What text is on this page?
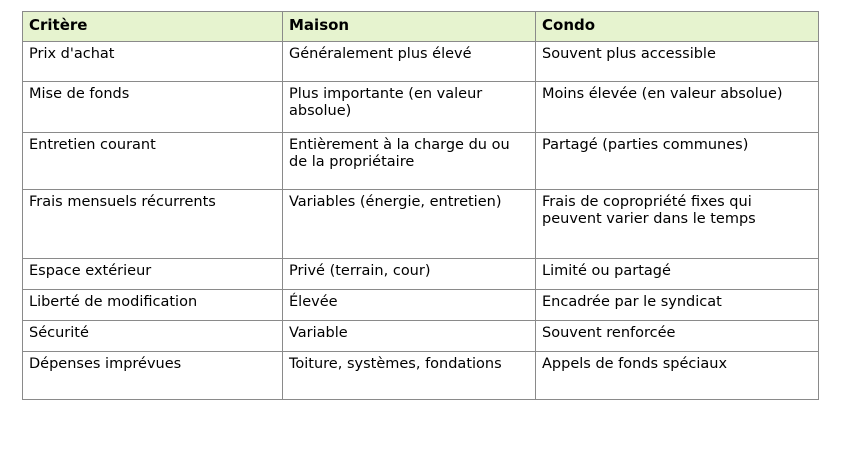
Critère	Maison	Condo
Prix d'achat	Généralement plus élevé	Souvent plus accessible
Mise de fonds	Plus importante (en valeur absolue)	Moins élevée (en valeur absolue)
Entretien courant	Entièrement à la charge du ou de la propriétaire	Partagé (parties communes)
Frais mensuels récurrents	Variables (énergie, entretien)	Frais de copropriété fixes qui peuvent varier dans le temps
Espace extérieur	Privé (terrain, cour)	Limité ou partagé
Liberté de modification	Élevée	Encadrée par le syndicat
Sécurité	Variable	Souvent renforcée
Dépenses imprévues	Toiture, systèmes, fondations	Appels de fonds spéciaux
